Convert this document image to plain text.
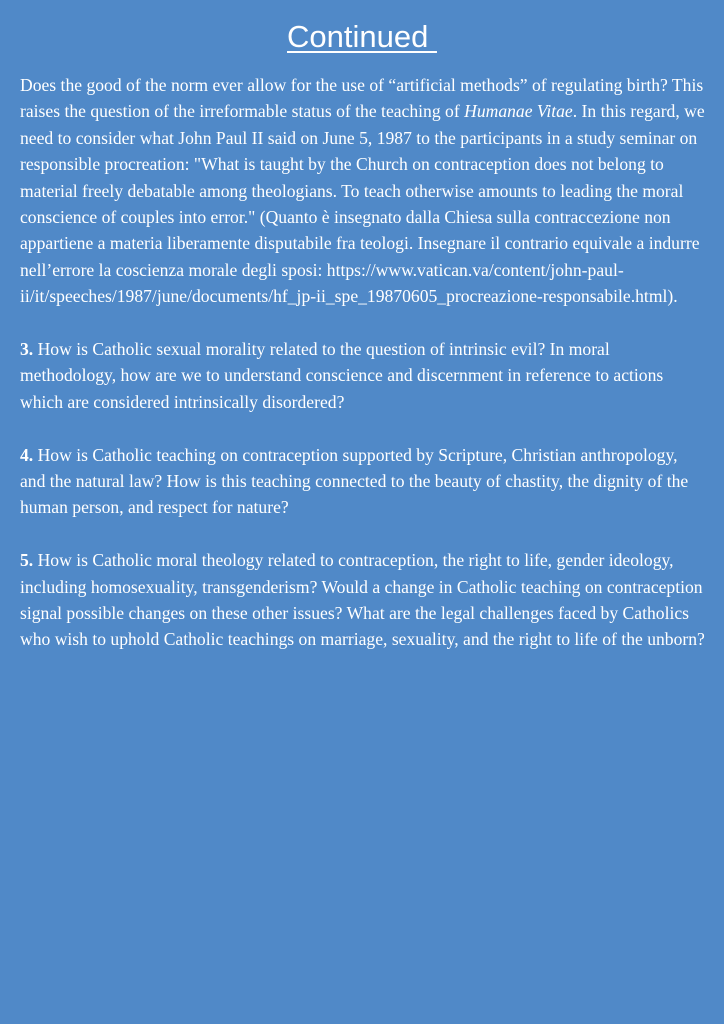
Continued

Does the good of the norm ever allow for the use of “artificial methods” of regulating birth? This raises the question of the irreformable status of the teaching of Humanae Vitae. In this regard, we need to consider what John Paul II said on June 5, 1987 to the participants in a study seminar on responsible procreation: "What is taught by the Church on contraception does not belong to material freely debatable among theologians. To teach otherwise amounts to leading the moral conscience of couples into error." (Quanto è insegnato dalla Chiesa sulla contraccezione non appartiene a materia liberamente disputabile fra teologi. Insegnare il contrario equivale a indurre nell’errore la coscienza morale degli sposi: https://www.vatican.va/content/john-paul-ii/it/speeches/1987/june/documents/hf_jp-ii_spe_19870605_procreazione-responsabile.html).

3. How is Catholic sexual morality related to the question of intrinsic evil? In moral methodology, how are we to understand conscience and discernment in reference to actions which are considered intrinsically disordered?

4. How is Catholic teaching on contraception supported by Scripture, Christian anthropology, and the natural law? How is this teaching connected to the beauty of chastity, the dignity of the human person, and respect for nature?

5. How is Catholic moral theology related to contraception, the right to life, gender ideology, including homosexuality, transgenderism? Would a change in Catholic teaching on contraception signal possible changes on these other issues? What are the legal challenges faced by Catholics who wish to uphold Catholic teachings on marriage, sexuality, and the right to life of the unborn?
